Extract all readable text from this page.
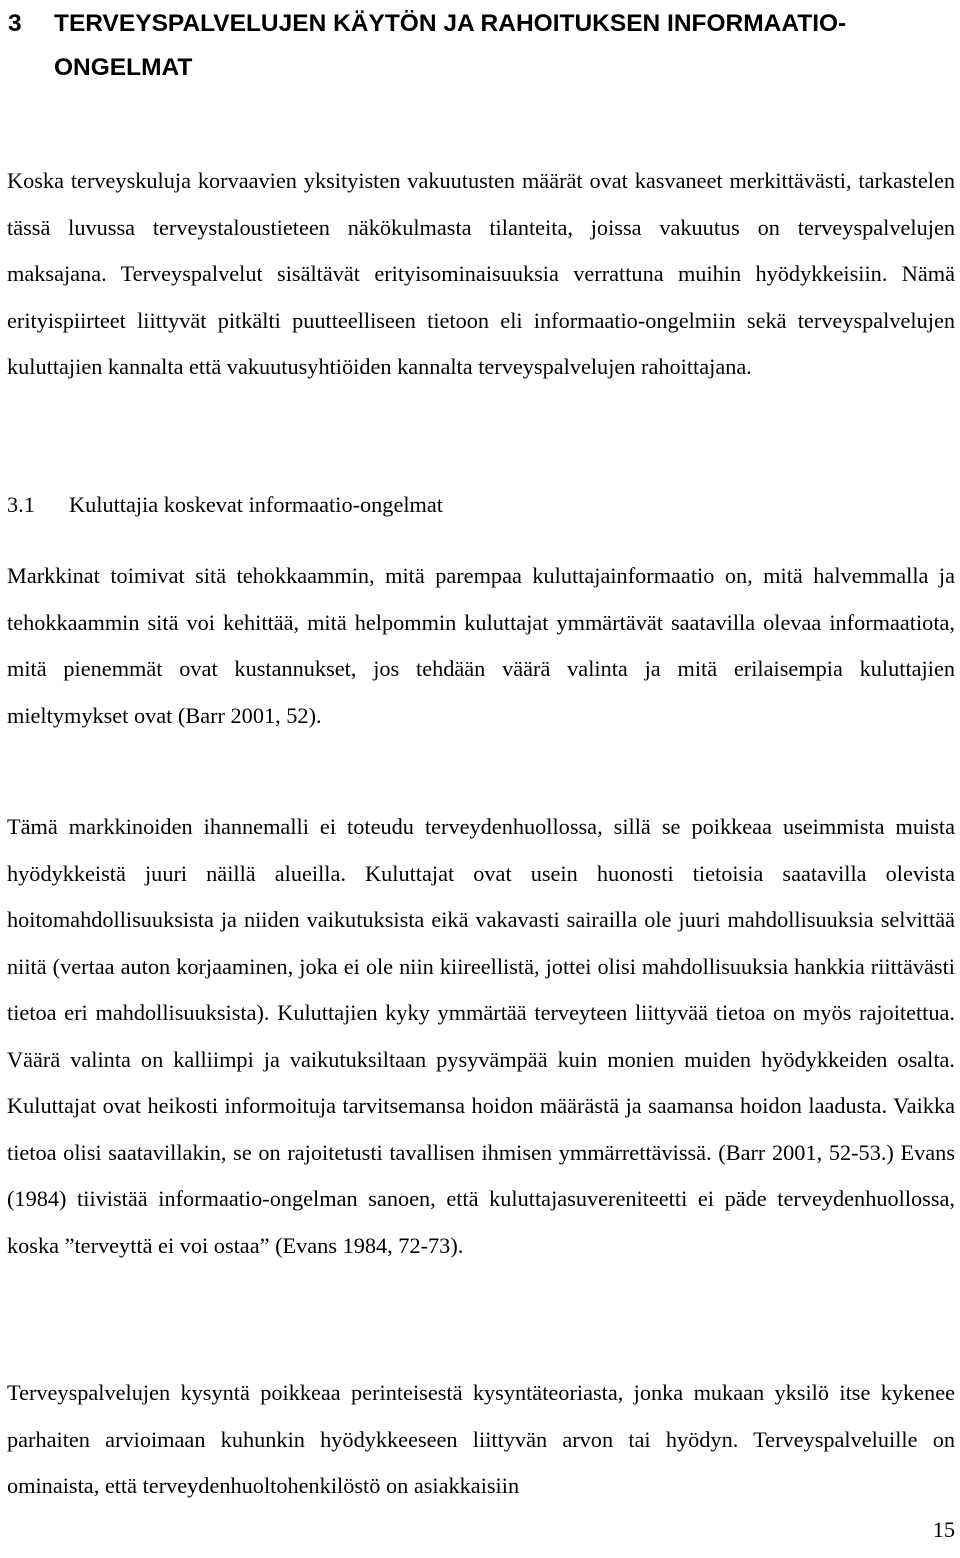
3	TERVEYSPALVELUJEN KÄYTÖN JA RAHOITUKSEN INFORMAATIO-ONGELMAT

Koska terveyskuluja korvaavien yksityisten vakuutusten määrät ovat kasvaneet merkittävästi, tarkastelen tässä luvussa terveystaloustieteen näkökulmasta tilanteita, joissa vakuutus on terveyspalvelujen maksajana. Terveyspalvelut sisältävät erityisominaisuuksia verrattuna muihin hyödykkeisiin. Nämä erityispiirteet liittyvät pitkälti puutteelliseen tietoon eli informaatio-ongelmiin sekä terveyspalvelujen kuluttajien kannalta että vakuutusyhtiöiden kannalta terveyspalvelujen rahoittajana.

3.1	Kuluttajia koskevat informaatio-ongelmat

Markkinat toimivat sitä tehokkaammin, mitä parempaa kuluttajainformaatio on, mitä halvemmalla ja tehokkaammin sitä voi kehittää, mitä helpommin kuluttajat ymmärtävät saatavilla olevaa informaatiota, mitä pienemmät ovat kustannukset, jos tehdään väärä valinta ja mitä erilaisempia kuluttajien mieltymykset ovat (Barr 2001, 52).

Tämä markkinoiden ihannemalli ei toteudu terveydenhuollossa, sillä se poikkeaa useimmista muista hyödykkeistä juuri näillä alueilla. Kuluttajat ovat usein huonosti tietoisia saatavilla olevista hoitomahdollisuuksista ja niiden vaikutuksista eikä vakavasti sairailla ole juuri mahdollisuuksia selvittää niitä (vertaa auton korjaaminen, joka ei ole niin kiireellistä, jottei olisi mahdollisuuksia hankkia riittävästi tietoa eri mahdollisuuksista). Kuluttajien kyky ymmärtää terveyteen liittyvää tietoa on myös rajoitettua. Väärä valinta on kalliimpi ja vaikutuksiltaan pysyvämpää kuin monien muiden hyödykkeiden osalta. Kuluttajat ovat heikosti informoituja tarvitsemansa hoidon määrästä ja saamansa hoidon laadusta. Vaikka tietoa olisi saatavillakin, se on rajoitetusti tavallisen ihmisen ymmärrettävissä. (Barr 2001, 52-53.) Evans (1984) tiivistää informaatio-ongelman sanoen, että kuluttajasuvereniteetti ei päde terveydenhuollossa, koska ”terveyttä ei voi ostaa” (Evans 1984, 72-73).

Terveyspalvelujen kysyntä poikkeaa perinteisestä kysyntäteoriasta, jonka mukaan yksilö itse kykenee parhaiten arvioimaan kuhunkin hyödykkeeseen liittyvän arvon tai hyödyn. Terveyspalveluille on ominaista, että terveydenhuoltohenkilöstö on asiakkaisiin

15
